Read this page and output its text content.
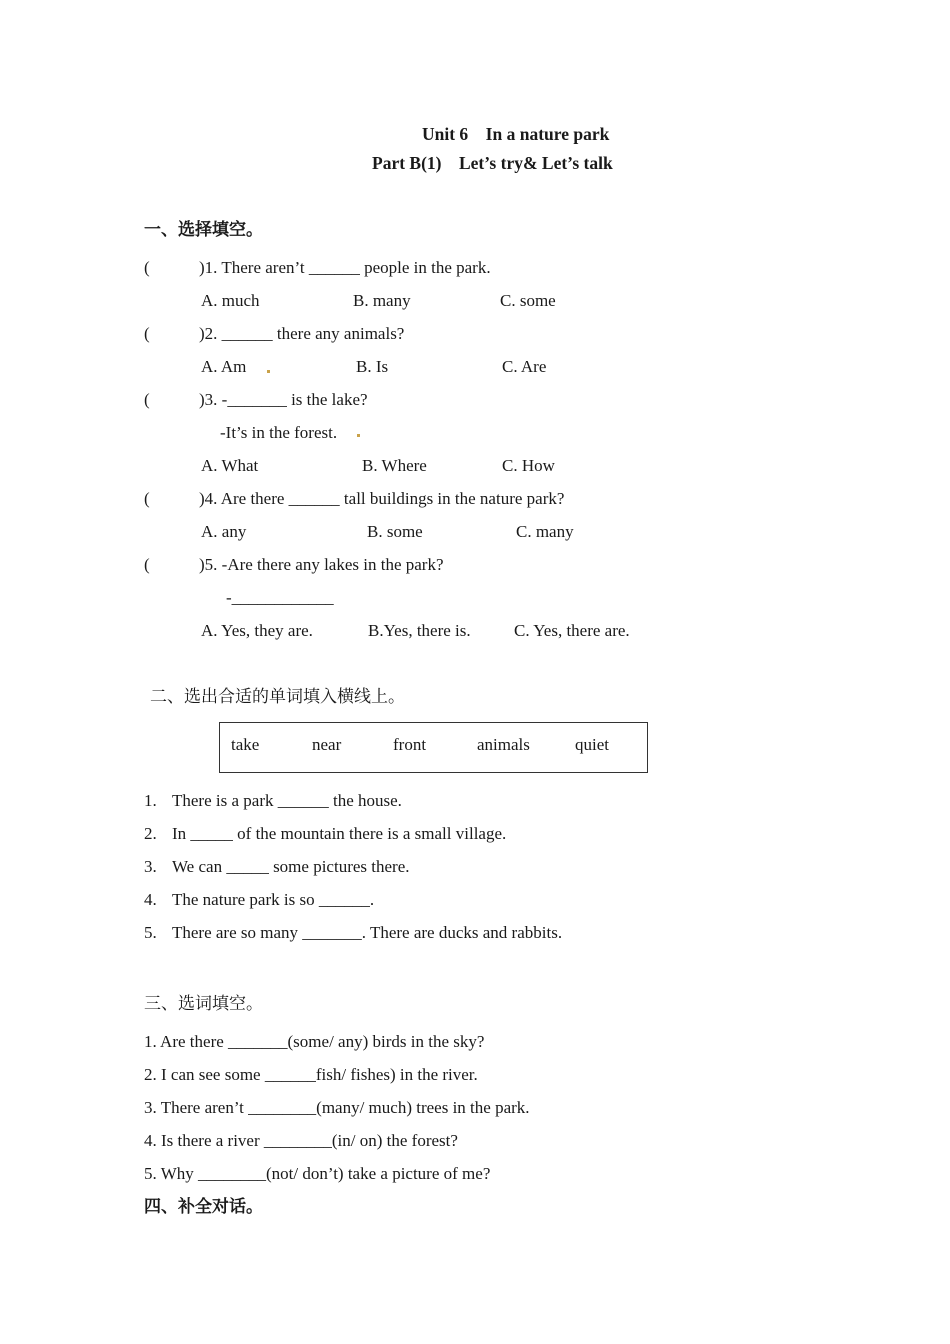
Unit 6    In a nature park
Part B(1)    Let’s try& Let’s talk
一、选择填空。
(	)1. There aren’t ______ people in the park.
A. much	B. many	C. some
(	)2. ______ there any animals?
A. Am	B. Is	C. Are
(	)3. -_______ is the lake?
-It’s in the forest.
A. What	B. Where	C. How
(	)4. Are there ______ tall buildings in the nature park?
A. any	B. some	C. many
(	)5. -Are there any lakes in the park?
-____________
A. Yes, they are.	B.Yes, there is.	C. Yes, there are.
二、选出合适的单词填入横线上。
take	near	front	animals	quiet
1. There is a park ______ the house.
2. In _____ of the mountain there is a small village.
3. We can _____ some pictures there.
4. The nature park is so ______.
5. There are so many _______. There are ducks and rabbits.
三、选词填空。
1. Are there _______(some/ any) birds in the sky?
2. I can see some ______fish/ fishes) in the river.
3. There aren’t ________(many/ much) trees in the park.
4. Is there a river ________(in/ on) the forest?
5. Why ________(not/ don’t) take a picture of me?
四、补全对话。
